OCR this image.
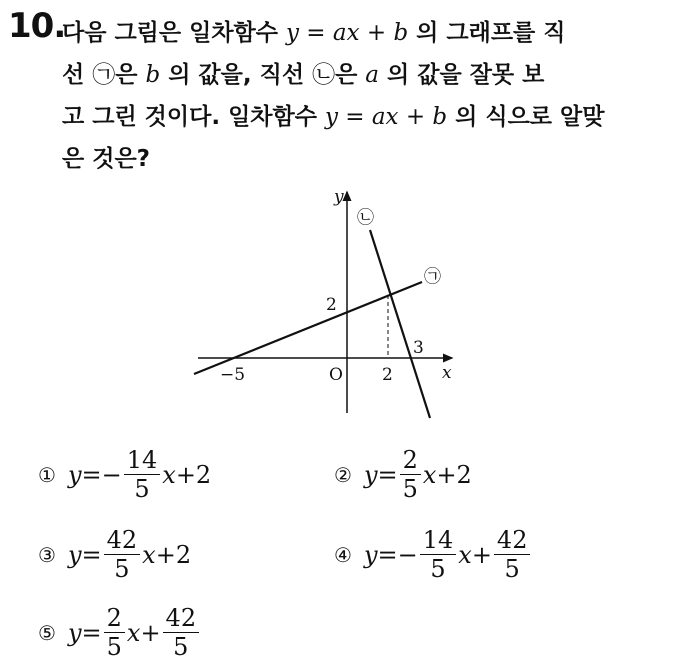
10.
다음 그림은 일차함수 y = ax + b 의 그래프를 직
선 ㉠은 b 의 값을, 직선 ㉡은 a 의 값을 잘못 보
고 그린 것이다. 일차함수 y = ax + b 의 식으로 알맞
은 것은?
y
x
O
−5
2
2
3
㉠
㉡
① y = − $\frac{14}{5}$ x +2	② $y = \frac{2}{5}$ x +2
③ $y = \frac{42}{5}$ x +2	④ y = − $\frac{14}{5}$ $x + \frac{42}{5}$
⑤ $y = \frac{2}{5}$ $x + \frac{42}{5}$
